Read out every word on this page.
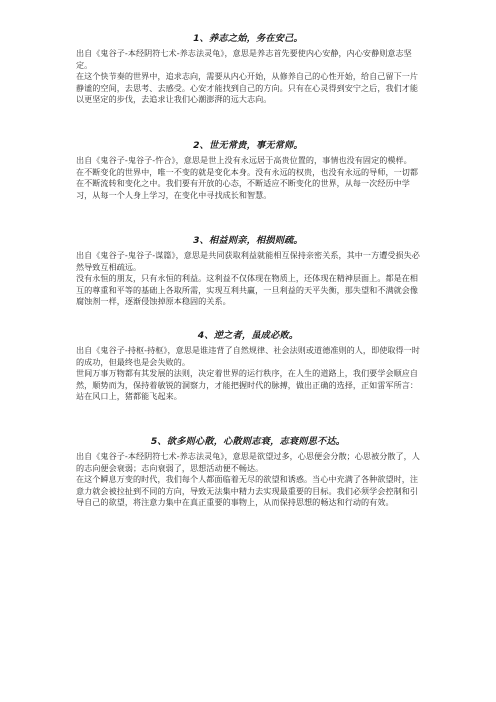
1、养志之始，务在安己。

出自《鬼谷子-本经阴符七术-养志法灵龟》，意思是养志首先要使内心安静，内心安静则意志坚定。

在这个快节奏的世界中，追求志向，需要从内心开始，从修养自己的心性开始，给自己留下一片静谧的空间，去思考、去感受。心安才能找到自己的方向。只有在心灵得到安宁之后，我们才能以更坚定的步伐，去追求让我们心潮澎湃的远大志向。

2、世无常贵，事无常师。

出自《鬼谷子-鬼谷子-忤合》，意思是世上没有永远居于高贵位置的，事情也没有固定的模样。

在不断变化的世界中，唯一不变的就是变化本身。没有永远的权贵，也没有永远的导师，一切都在不断流转和变化之中。我们要有开放的心态，不断适应不断变化的世界，从每一次经历中学习，从每一个人身上学习，在变化中寻找成长和智慧。

3、相益则亲，相损则疏。

出自《鬼谷子-鬼谷子-谋篇》，意思是共同获取利益就能相互保持亲密关系，其中一方遭受损失必然导致互相疏远。

没有永恒的朋友，只有永恒的利益。这利益不仅体现在物质上，还体现在精神层面上。都是在相互的尊重和平等的基础上各取所需，实现互利共赢，一旦利益的天平失衡，那失望和不满就会像腐蚀剂一样，逐渐侵蚀掉原本稳固的关系。

4、逆之者，虽成必败。

出自《鬼谷子-持枢-持枢》，意思是谁违背了自然规律、社会法则或道德准则的人，即使取得一时的成功，但最终也是会失败的。

世间万事万物都有其发展的法则，决定着世界的运行秩序，在人生的道路上，我们要学会顺应自然，顺势而为，保持着敏锐的洞察力，才能把握时代的脉搏，做出正确的选择，正如雷军所言：站在风口上，猪都能飞起来。

5、欲多则心散，心散则志衰，志衰则思不达。

出自《鬼谷子-本经阴符七术-养志法灵龟》，意思是欲望过多，心思便会分散；心思被分散了，人的志向便会衰弱；志向衰弱了，思想活动便不畅达。

在这个瞬息万变的时代，我们每个人都面临着无尽的欲望和诱惑。当心中充满了各种欲望时，注意力就会被拉扯到不同的方向，导致无法集中精力去实现最重要的目标。我们必须学会控制和引导自己的欲望，将注意力集中在真正重要的事物上，从而保持思想的畅达和行动的有效。
